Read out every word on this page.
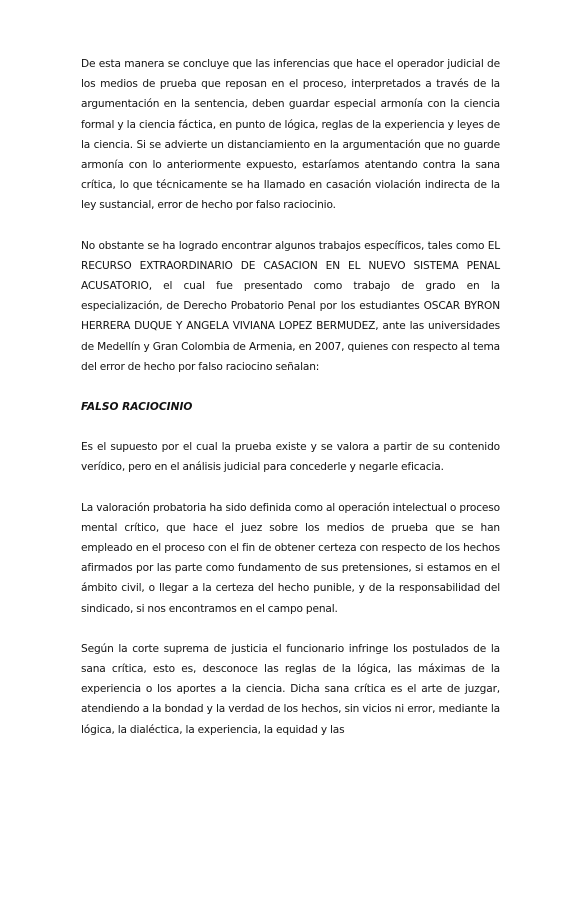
De esta manera se concluye que las inferencias que hace el operador judicial de los medios de prueba que reposan en el proceso, interpretados a través de la argumentación en la sentencia, deben guardar especial armonía con la ciencia formal y la ciencia fáctica, en punto de lógica, reglas de la experiencia y leyes de la ciencia. Si se advierte un distanciamiento en la argumentación que no guarde armonía con lo anteriormente expuesto, estaríamos atentando contra la sana crítica, lo que técnicamente se ha llamado en casación violación indirecta de la ley sustancial, error de hecho por falso raciocinio.

No obstante se ha logrado encontrar algunos trabajos específicos, tales como EL RECURSO EXTRAORDINARIO DE CASACION EN EL NUEVO SISTEMA PENAL ACUSATORIO, el cual fue presentado como trabajo de grado en la especialización, de Derecho Probatorio Penal por los estudiantes OSCAR BYRON HERRERA DUQUE Y ANGELA VIVIANA LOPEZ BERMUDEZ, ante las universidades de Medellín y Gran Colombia de Armenia, en 2007, quienes con respecto al tema del error de hecho por falso raciocino señalan:

FALSO RACIOCINIO

Es el supuesto por el cual la prueba existe y se valora a partir de su contenido verídico, pero en el análisis judicial para concederle y negarle eficacia.

La valoración probatoria ha sido definida como al operación intelectual o proceso mental crítico, que hace el juez sobre los medios de prueba que se han empleado en el proceso con el fin de obtener certeza con respecto de los hechos afirmados por las parte como fundamento de sus pretensiones, si estamos en el ámbito civil, o llegar a la certeza del hecho punible, y de la responsabilidad del sindicado, si nos encontramos en el campo penal.

Según la corte suprema de justicia el funcionario infringe los postulados de la sana crítica, esto es, desconoce las reglas de la lógica, las máximas de la experiencia o los aportes a la ciencia. Dicha sana crítica es el arte de juzgar, atendiendo a la bondad y la verdad de los hechos, sin vicios ni error, mediante la lógica, la dialéctica, la experiencia, la equidad y las
